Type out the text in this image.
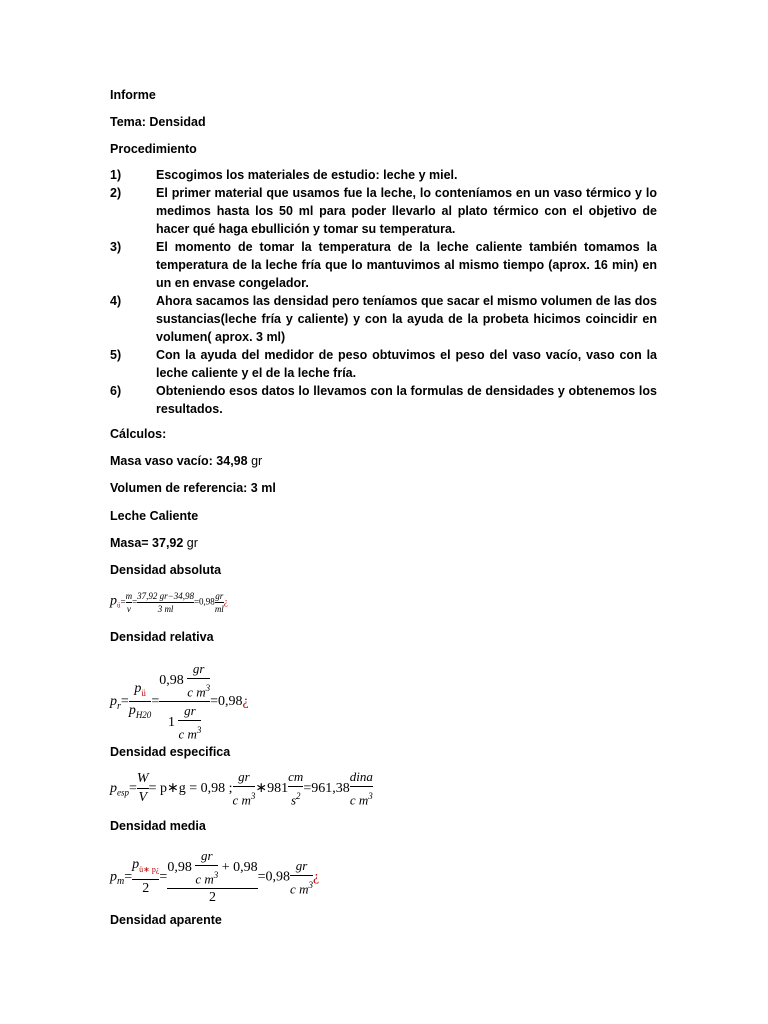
Informe
Tema: Densidad
Procedimiento
1)	Escogimos los materiales de estudio: leche y miel.
2)	El primer material que usamos fue la leche, lo conteníamos en un vaso térmico y lo medimos hasta los 50 ml para poder llevarlo al plato térmico con el objetivo de hacer qué haga ebullición y tomar su temperatura.
3)	El momento de tomar la temperatura de la leche caliente también tomamos la temperatura de la leche fría que lo mantuvimos al mismo tiempo (aprox. 16 min) en un en envase congelador.
4)	Ahora sacamos las densidad pero teníamos que sacar el mismo volumen de las dos sustancias(leche fría y caliente) y con la ayuda de la probeta hicimos coincidir en volumen( aprox. 3 ml)
5)	Con la ayuda del medidor de peso obtuvimos el peso del vaso vacío, vaso con la leche caliente y el de la leche fría.
6)	Obteniendo esos datos lo llevamos con la formulas de densidades y obtenemos los resultados.
Cálculos:
Masa vaso vacío: 34,98 gr
Volumen de referencia: 3 ml
Leche Caliente
Masa= 37,92 gr
Densidad absoluta
$p_ü= \frac{m}{v} = \frac{37,92 gr-34,98}{3 ml} =0,98 \frac{gr}{ml}$ ¿
Densidad relativa
$p_r= \frac{p_ü}{p_{H20}} = \frac{0,98 \frac{gr}{c m^3}}{1 \frac{gr}{c m^3}}$ =0,98¿
Densidad especifica
$p_{esp}= \frac{W}{V}$ = p∗g = 0,98 ; $\frac{gr}{c m^3}$ ∗981 $\frac{cm}{s^2} =961,38 \frac{\text{dina}}{c m^3}$
Densidad media
$p_m= \frac{p_{ü∗ p¿}}{2} = \frac{0,98 \frac{gr}{c m^3} + 0,98}{2} =0,98 \frac{gr}{c m^3}$ ¿
Densidad aparente
